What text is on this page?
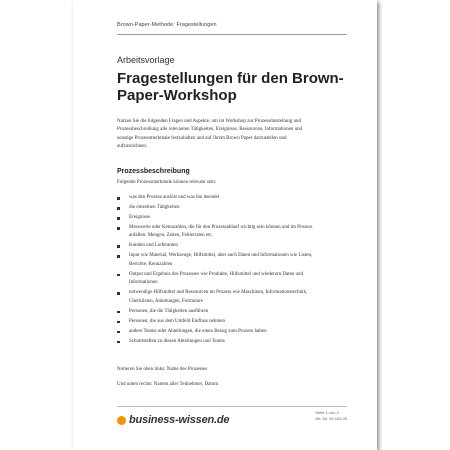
Brown-Paper-Methode: Fragestellungen
Arbeitsvorlage
Fragestellungen für den Brown-Paper-Workshop

Nutzen Sie die folgenden Fragen und Aspekte, um im Workshop zur Prozessdarstellung und Prozessbeschreibung alle relevanten Tätigkeiten, Ereignisse, Ressourcen, Informationen und sonstige Prozessmerkmale festzuhalten und auf Ihrem Brown Paper darzustellen und aufzuzeichnen.

Prozessbeschreibung

Folgende Prozessmerkmale können relevant sein:

was den Prozess auslöst und was ihn beendet
die einzelnen Tätigkeiten
Ereignisse
Messwerte oder Kennzahlen, die für den Prozessablauf wichtig sein können und im Prozess anfallen: Mengen, Zeiten, Fehlerraten etc.
Kunden und Lieferanten
Input wie Material, Werkzeuge, Hilfsmittel, aber auch Daten und Informationen wie Listen, Berichte, Kennzahlen
Output und Ergebnis des Prozesses wie Produkte, Hilfsmittel und wiederum Daten und Informationen
notwendige Hilfsmittel und Ressourcen im Prozess wie Maschinen, Informationstechnik, Checklisten, Anleitungen, Formulare
Personen, die die Tätigkeiten ausführen
Personen, die aus dem Umfeld Einfluss nehmen
andere Teams oder Abteilungen, die einen Bezug zum Prozess haben
Schnittstellen zu diesen Abteilungen und Teams

Notieren Sie oben links: Name des Prozesses

Und unten rechts: Namen aller Teilnehmer, Datum

business-wissen.de
Seite 1 von 4
Art.-Nr. 99.183.05
